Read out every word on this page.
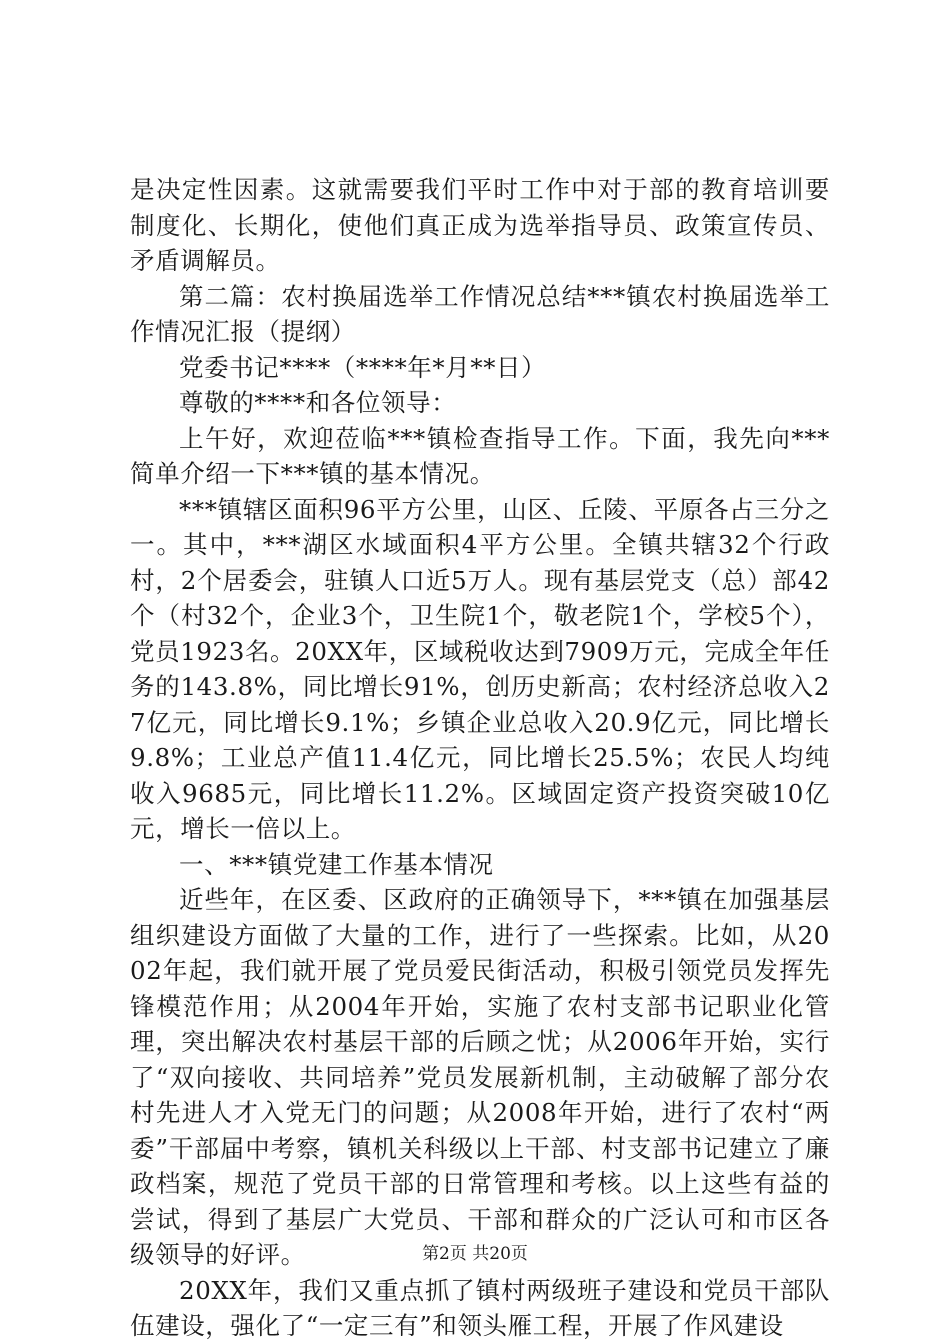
是决定性因素。这就需要我们平时工作中对于部的教育培训要制度化、长期化，使他们真正成为选举指导员、政策宣传员、矛盾调解员。

第二篇：农村换届选举工作情况总结***镇农村换届选举工作情况汇报（提纲）

党委书记****（****年*月**日）

尊敬的****和各位领导：

上午好，欢迎莅临***镇检查指导工作。下面，我先向***简单介绍一下***镇的基本情况。

***镇辖区面积96平方公里，山区、丘陵、平原各占三分之一。其中，***湖区水域面积4平方公里。全镇共辖32个行政村，2个居委会，驻镇人口近5万人。现有基层党支（总）部42个（村32个，企业3个，卫生院1个，敬老院1个，学校5个），党员1923名。20XX年，区域税收达到7909万元，完成全年任务的143.8%，同比增长91%，创历史新高；农村经济总收入27亿元，同比增长9.1%；乡镇企业总收入20.9亿元，同比增长9.8%；工业总产值11.4亿元，同比增长25.5%；农民人均纯收入9685元，同比增长11.2%。区域固定资产投资突破10亿元，增长一倍以上。

一、***镇党建工作基本情况

近些年，在区委、区政府的正确领导下，***镇在加强基层组织建设方面做了大量的工作，进行了一些探索。比如，从2002年起，我们就开展了党员爱民街活动，积极引领党员发挥先锋模范作用；从2004年开始，实施了农村支部书记职业化管理，突出解决农村基层干部的后顾之忧；从2006年开始，实行了“双向接收、共同培养”党员发展新机制，主动破解了部分农村先进人才入党无门的问题；从2008年开始，进行了农村“两委”干部届中考察，镇机关科级以上干部、村支部书记建立了廉政档案，规范了党员干部的日常管理和考核。以上这些有益的尝试，得到了基层广大党员、干部和群众的广泛认可和市区各级领导的好评。

20XX年，我们又重点抓了镇村两级班子建设和党员干部队伍建设，强化了“一定三有”和领头雁工程，开展了作风建设

第2页 共20页
